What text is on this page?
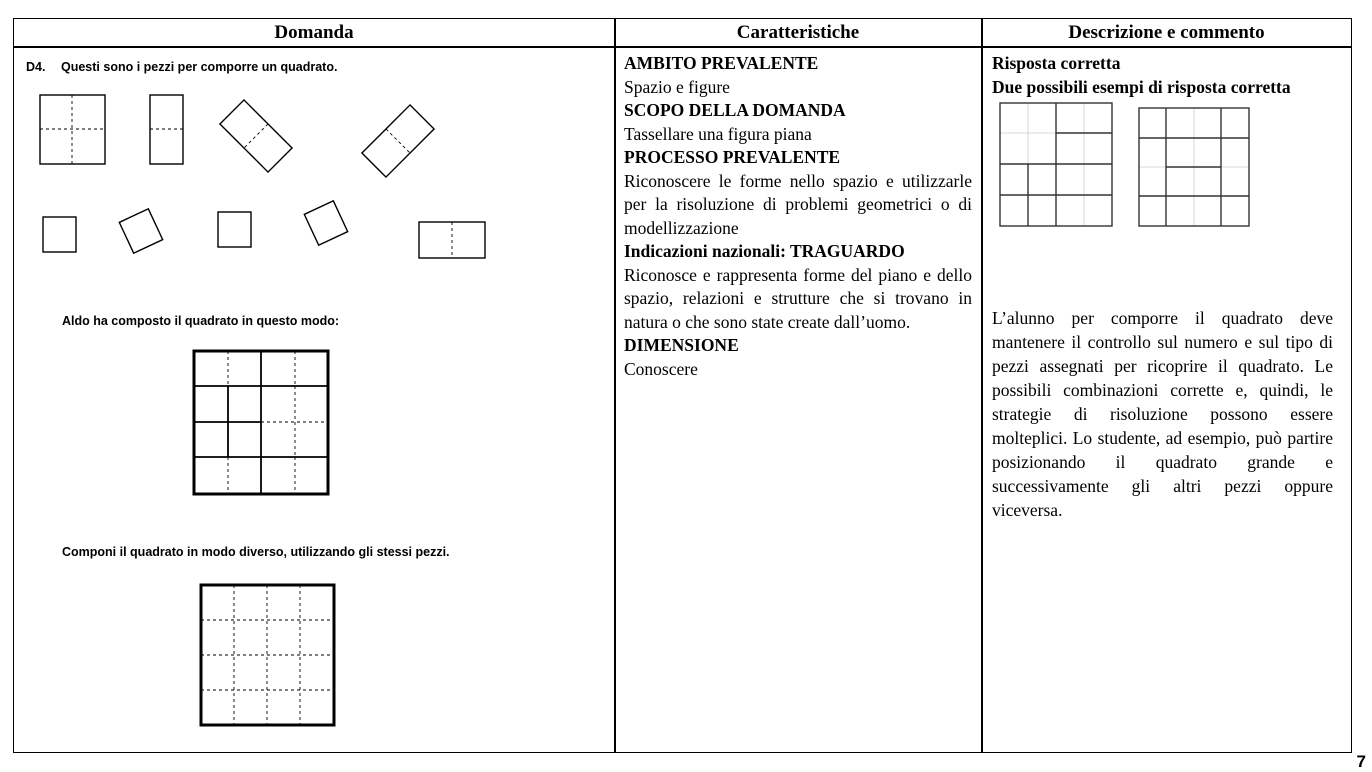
Domanda	Caratteristiche	Descrizione e commento
D4. Questi sono i pezzi per comporre un quadrato.
Aldo ha composto il quadrato in questo modo:
Componi il quadrato in modo diverso, utilizzando gli stessi pezzi.
AMBITO PREVALENTE
Spazio e figure
SCOPO DELLA DOMANDA
Tassellare una figura piana
PROCESSO PREVALENTE
Riconoscere le forme nello spazio e utilizzarle per la risoluzione di problemi geometrici o di modellizzazione
Indicazioni nazionali: TRAGUARDO
Riconosce e rappresenta forme del piano e dello spazio, relazioni e strutture che si trovano in natura o che sono state create dall’uomo.
DIMENSIONE
Conoscere
Risposta corretta
Due possibili esempi di risposta corretta
L’alunno per comporre il quadrato deve mantenere il controllo sul numero e sul tipo di pezzi assegnati per ricoprire il quadrato. Le possibili combinazioni corrette e, quindi, le strategie di risoluzione possono essere molteplici. Lo studente, ad esempio, può partire posizionando il quadrato grande e successivamente gli altri pezzi oppure viceversa.
7
